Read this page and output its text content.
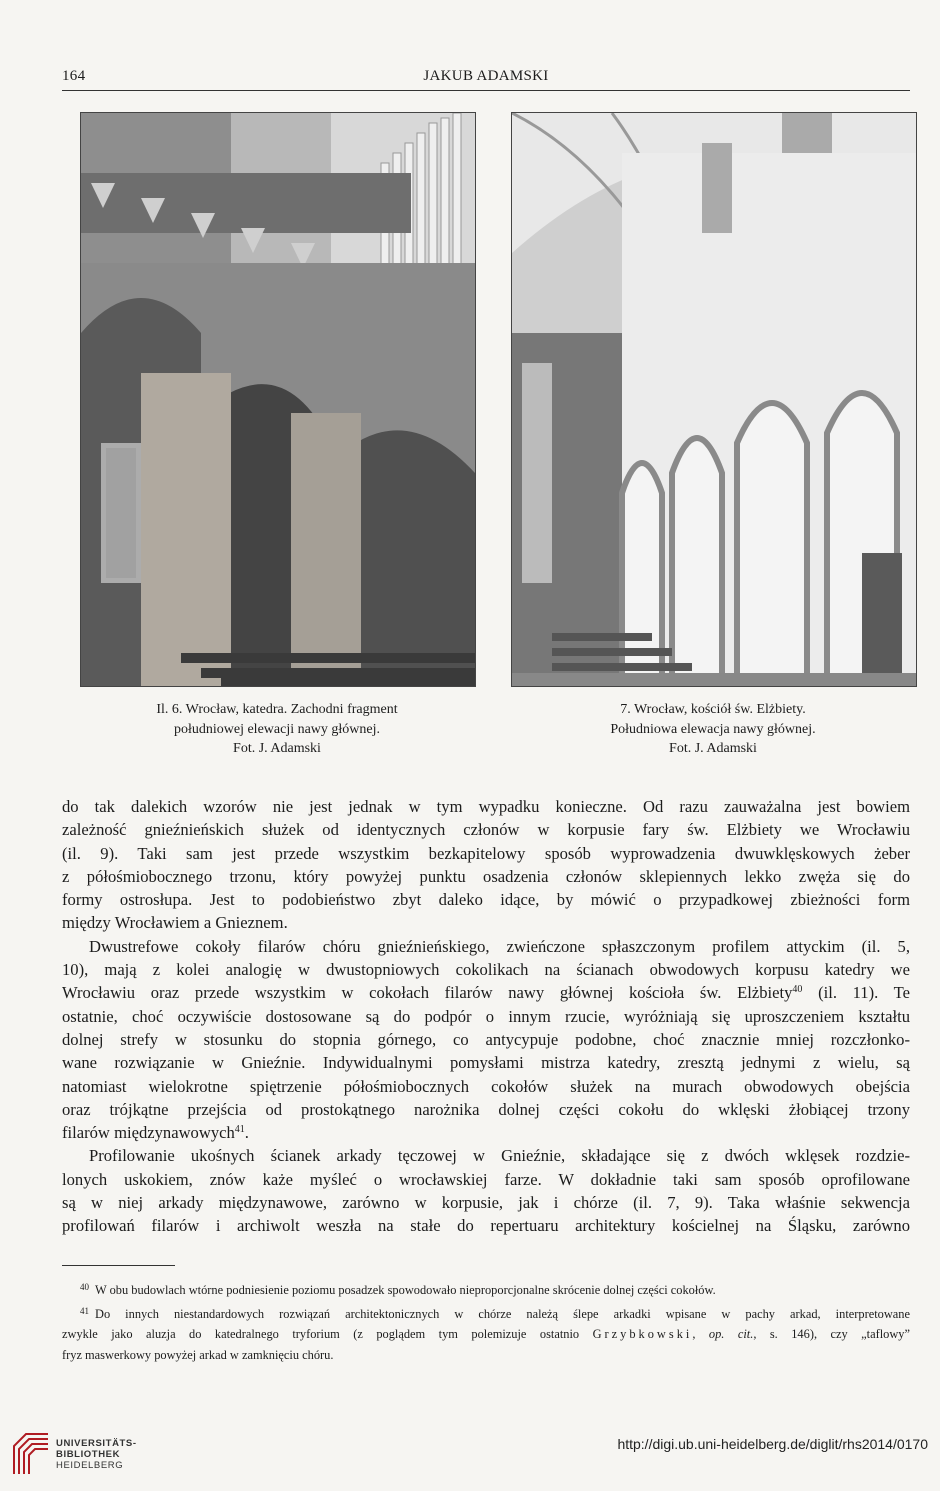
164	JAKUB ADAMSKI
Il. 6. Wrocław, katedra. Zachodni fragment
południowej elewacji nawy głównej.
Fot. J. Adamski
7. Wrocław, kościół św. Elżbiety.
Południowa elewacja nawy głównej.
Fot. J. Adamski
do tak dalekich wzorów nie jest jednak w tym wypadku konieczne. Od razu zauważalna jest bowiem
zależność gnieźnieńskich służek od identycznych członów w korpusie fary św. Elżbiety we Wrocławiu
(il. 9). Taki sam jest przede wszystkim bezkapitelowy sposób wyprowadzenia dwuwklęskowych żeber
z półośmiobocznego trzonu, który powyżej punktu osadzenia członów sklepiennych lekko zwęża się do
formy ostrosłupa. Jest to podobieństwo zbyt daleko idące, by mówić o przypadkowej zbieżności form
między Wrocławiem a Gnieznem.
Dwustrefowe cokoły filarów chóru gnieźnieńskiego, zwieńczone spłaszczonym profilem attyckim (il. 5,
10), mają z kolei analogię w dwustopniowych cokolikach na ścianach obwodowych korpusu katedry we
Wrocławiu oraz przede wszystkim w cokołach filarów nawy głównej kościoła św. Elżbiety$^{40}$ (il. 11). Te
ostatnie, choć oczywiście dostosowane są do podpór o innym rzucie, wyróżniają się uproszczeniem kształtu
dolnej strefy w stosunku do stopnia górnego, co antycypuje podobne, choć znacznie mniej rozczłonko-
wane rozwiązanie w Gnieźnie. Indywidualnymi pomysłami mistrza katedry, zresztą jednymi z wielu, są
natomiast wielokrotne spiętrzenie półośmiobocznych cokołów służek na murach obwodowych obejścia
oraz trójkątne przejścia od prostokątnego narożnika dolnej części cokołu do wklęski żłobiącej trzony
filarów międzynawowych$^{41}$.
Profilowanie ukośnych ścianek arkady tęczowej w Gnieźnie, składające się z dwóch wklęsek rozdzie-
lonych uskokiem, znów każe myśleć o wrocławskiej farze. W dokładnie taki sam sposób oprofilowane
są w niej arkady międzynawowe, zarówno w korpusie, jak i chórze (il. 7, 9). Taka właśnie sekwencja
profilowań filarów i archiwolt weszła na stałe do repertuaru architektury kościelnej na Śląsku, zarówno
$^{40}$ W obu budowlach wtórne podniesienie poziomu posadzek spowodowało nieproporcjonalne skrócenie dolnej części cokołów.
$^{41}$ Do innych niestandardowych rozwiązań architektonicznych w chórze należą ślepe arkadki wpisane w pachy arkad, interpretowane
zwykle jako aluzja do katedralnego tryforium (z poglądem tym polemizuje ostatnio Grzybkowski, op. cit., s. 146), czy „taflowy”
fryz maswerkowy powyżej arkad w zamknięciu chóru.
UNIVERSITÄTS-
BIBLIOTHEK
HEIDELBERG
http://digi.ub.uni-heidelberg.de/diglit/rhs2014/0170
